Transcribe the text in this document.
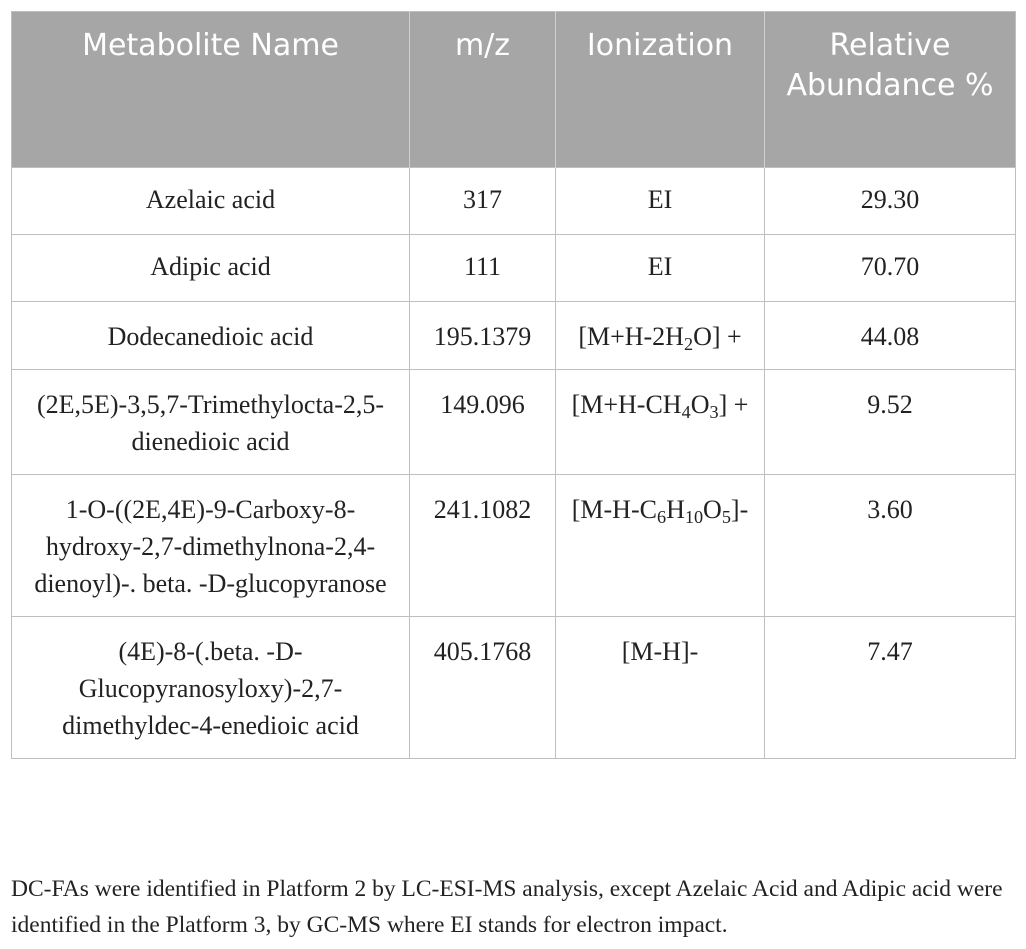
Metabolite Name	m/z	Ionization	Relative Abundance %
Azelaic acid	317	EI	29.30
Adipic acid	111	EI	70.70
Dodecanedioic acid	195.1379	$[M+H-2H_2O]$ +	44.08
(2E,5E)-3,5,7-Trimethylocta-2,5-dienedioic acid	149.096	$[M+H-CH_4O_3]$ +	9.52
1-O-((2E,4E)-9-Carboxy-8-hydroxy-2,7-dimethylnona-2,4-dienoyl)-. beta. -D-glucopyranose	241.1082	$[M-H-C_6H_{10}O_5]-$	3.60
(4E)-8-(.beta. -D-Glucopyranosyloxy)-2,7-dimethyldec-4-enedioic acid	405.1768	[M-H]-	7.47
DC-FAs were identified in Platform 2 by LC-ESI-MS analysis, except Azelaic Acid and Adipic acid were identified in the Platform 3, by GC-MS where EI stands for electron impact.
